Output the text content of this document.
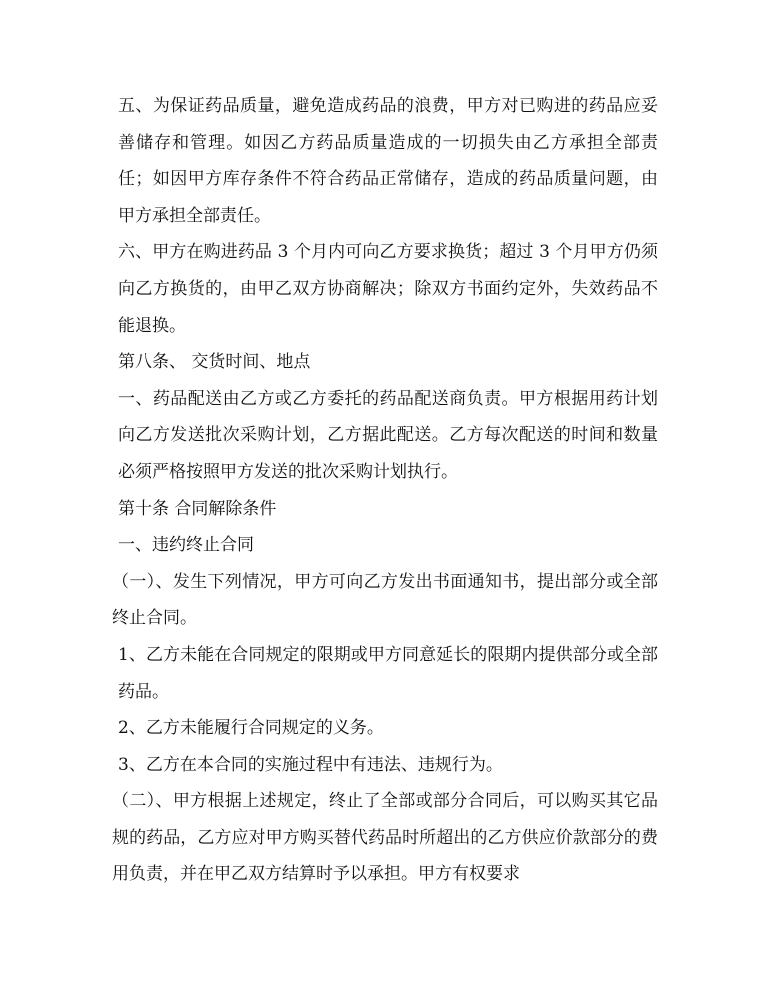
五、为保证药品质量，避免造成药品的浪费，甲方对已购进的药品应妥善储存和管理。如因乙方药品质量造成的一切损失由乙方承担全部责任；如因甲方库存条件不符合药品正常储存，造成的药品质量问题，由甲方承担全部责任。

六、甲方在购进药品 3 个月内可向乙方要求换货；超过 3 个月甲方仍须向乙方换货的，由甲乙双方协商解决；除双方书面约定外，失效药品不能退换。

第八条、 交货时间、地点

一、药品配送由乙方或乙方委托的药品配送商负责。甲方根据用药计划向乙方发送批次采购计划，乙方据此配送。乙方每次配送的时间和数量必须严格按照甲方发送的批次采购计划执行。

第十条 合同解除条件

一、违约终止合同

（一）、发生下列情况，甲方可向乙方发出书面通知书，提出部分或全部终止合同。

1、乙方未能在合同规定的限期或甲方同意延长的限期内提供部分或全部药品。

2、乙方未能履行合同规定的义务。

3、乙方在本合同的实施过程中有违法、违规行为。

（二）、甲方根据上述规定，终止了全部或部分合同后，可以购买其它品规的药品，乙方应对甲方购买替代药品时所超出的乙方供应价款部分的费用负责，并在甲乙双方结算时予以承担。甲方有权要求
